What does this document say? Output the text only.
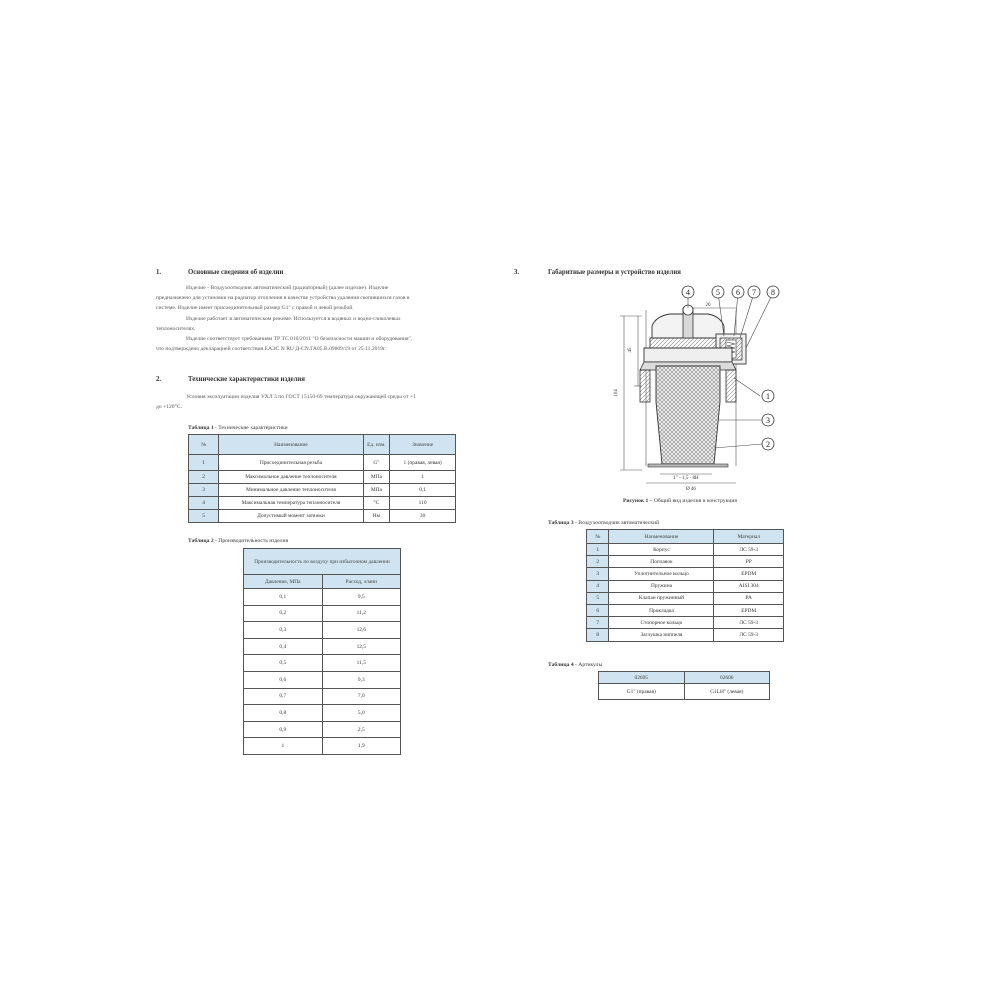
1.	Основные сведения об изделии
Изделие - Воздухоотводчик автоматический (радиаторный) (далее изделие). Изделие
предназначено для установки на радиатор отопления в качестве устройства удаления скопившихся газов в
системе. Изделие имеет присоединительный размер G1" с правой и левой резьбой.
Изделие работает в автоматическом режиме. Используется в водяных и водно-гликолевых
теплоносителях.
Изделие соответствует требованиям ТР ТС 010/2011 "О безопасности машин и оборудования",
что подтверждено декларацией соответствия ЕАЭС N RU Д-CN.ГА05.В.09809/19 от 25.11.2019г.
2.	Технические характеристики изделия
Условия эксплуатации изделия УХЛ 3 по ГОСТ 15150-69 температура окружающей среды от +1
до +120°С.
Таблица 1 - Технические характеристики
№	Наименование	Ед. изм.	Значение
1	Присоединительная резьба	G"	1 (правая, левая)
2	Максимальное давление теплоносителя	МПа	1
3	Минимальное давление теплоносителя	МПа	0,1
4	Максимальная температура теплоносителя	°С	110
5	Допустимый момент затяжки	Нм	30
Таблица 2 - Производительность изделия
Производительность по воздуху при избыточном давлении	
Давление, МПа	Расход, л/мин
0,1	9,5
0,2	11,2
0,3	12,6
0,4	12,5
0,5	11,5
0,6	9,3
0,7	7,0
0,8	5,0
0,9	2,5
1	1,9
3.	Габаритные размеры и устройство изделия
4	5 6 7 8
1
3
2
20
45
104
1" - 1,5 - 8H
Ø 46
Рисунок 1 – Общий вид изделия и конструкция
Таблица 3 - Воздухоотводчик автоматический
№	Наименование	Материал
1	Корпус	ЛС 59-3
2	Поплавок	PP
3	Уплотнительное кольцо	EPDM
4	Пружина	AISI 304
5	Клапан пружинный	PA
6	Прокладка	EPDM
7	Стопорное кольцо	ЛС 59-3
8	Заглушка ниппеля	ЛС 59-3
Таблица 4 - Артикулы
02605	02606
G1" (правая)	G1LH" (левая)
